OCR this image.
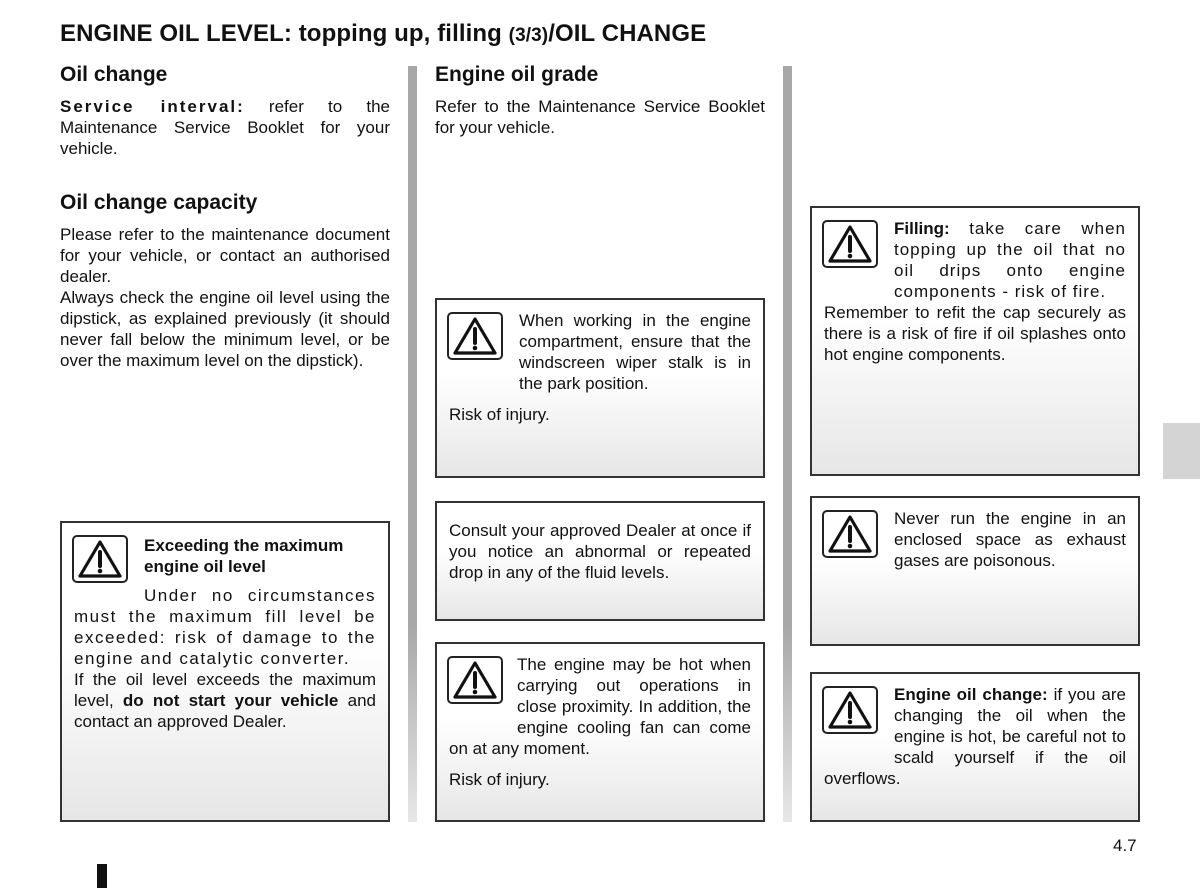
ENGINE OIL LEVEL: topping up, filling (3/3)/OIL CHANGE
Oil change

Service interval: refer to the Maintenance Service Booklet for your vehicle.

Oil change capacity

Please refer to the maintenance document for your vehicle, or contact an authorised dealer.

Always check the engine oil level using the dipstick, as explained previously (it should never fall below the minimum level, or be over the maximum level on the dipstick).

Exceeding the maximum engine oil level

Under no circumstances must the maximum fill level be exceeded: risk of damage to the engine and catalytic converter.

If the oil level exceeds the maximum level, do not start your vehicle and contact an approved Dealer.

Engine oil grade
Refer to the Maintenance Service Booklet for your vehicle.
When working in the engine compartment, ensure that the windscreen wiper stalk is in the park position.
Risk of injury.
Consult your approved Dealer at once if you notice an abnormal or repeated drop in any of the fluid levels.
The engine may be hot when carrying out operations in close proximity. In addition, the engine cooling fan can come on at any moment.
Risk of injury.

Filling: take care when topping up the oil that no oil drips onto engine components - risk of fire.

Remember to refit the cap securely as there is a risk of fire if oil splashes onto hot engine components.

Never run the engine in an enclosed space as exhaust gases are poisonous.
Engine oil change: if you are changing the oil when the engine is hot, be careful not to scald yourself if the oil overflows.
4.7
